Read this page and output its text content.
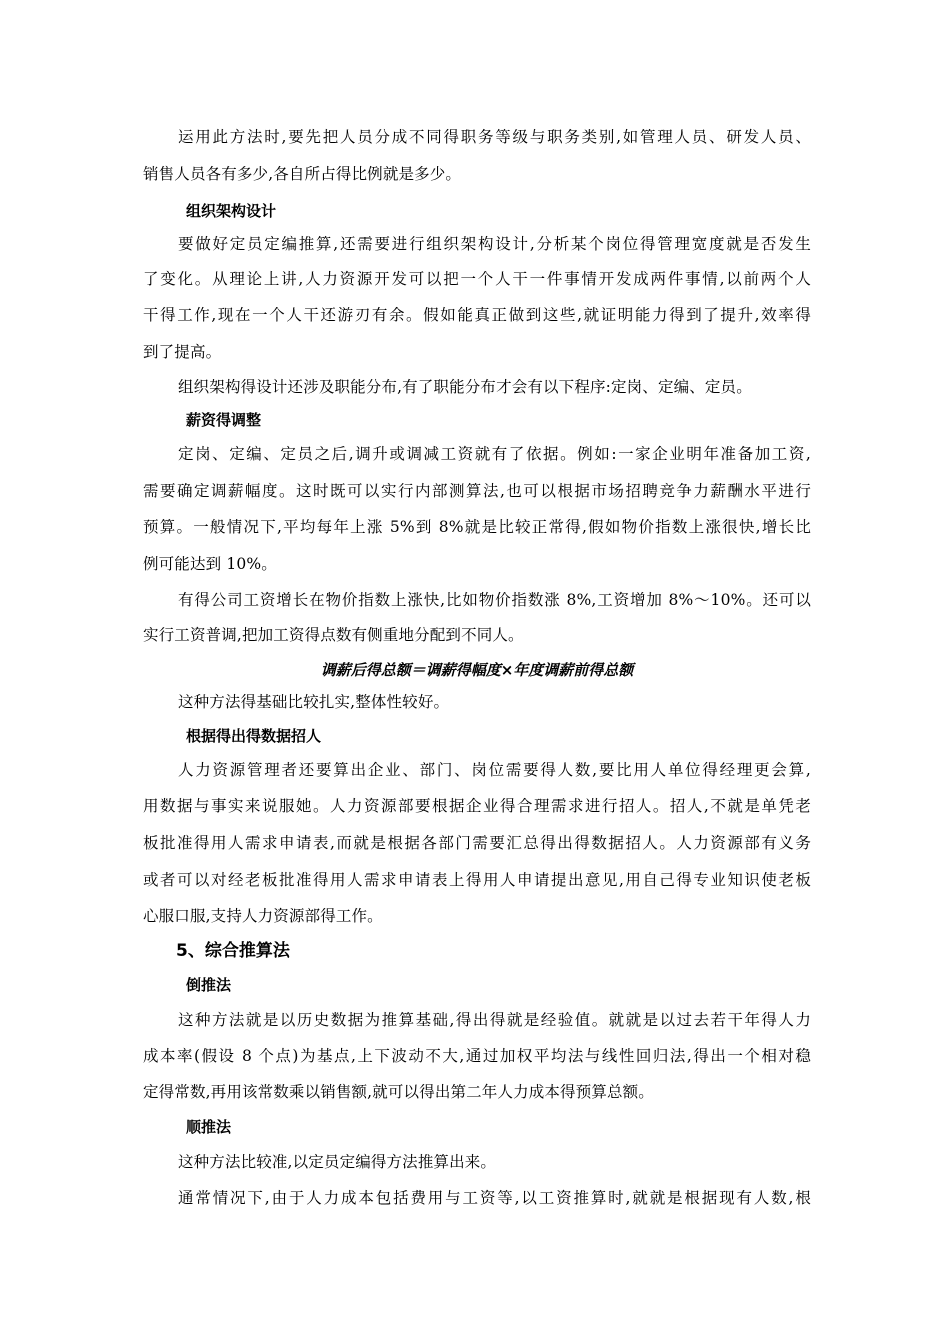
运用此方法时,要先把人员分成不同得职务等级与职务类别,如管理人员、研发人员、
销售人员各有多少,各自所占得比例就是多少。
组织架构设计
要做好定员定编推算,还需要进行组织架构设计,分析某个岗位得管理宽度就是否发生
了变化。从理论上讲,人力资源开发可以把一个人干一件事情开发成两件事情,以前两个人
干得工作,现在一个人干还游刃有余。假如能真正做到这些,就证明能力得到了提升,效率得
到了提高。
组织架构得设计还涉及职能分布,有了职能分布才会有以下程序:定岗、定编、定员。
薪资得调整
定岗、定编、定员之后,调升或调减工资就有了依据。例如:一家企业明年准备加工资,
需要确定调薪幅度。这时既可以实行内部测算法,也可以根据市场招聘竞争力薪酬水平进行
预算。一般情况下,平均每年上涨 5%到 8%就是比较正常得,假如物价指数上涨很快,增长比
例可能达到 10%。
有得公司工资增长在物价指数上涨快,比如物价指数涨 8%,工资增加 8%～10%。还可以
实行工资普调,把加工资得点数有侧重地分配到不同人。
调薪后得总额＝调薪得幅度×年度调薪前得总额
这种方法得基础比较扎实,整体性较好。
根据得出得数据招人
人力资源管理者还要算出企业、部门、岗位需要得人数,要比用人单位得经理更会算,
用数据与事实来说服她。人力资源部要根据企业得合理需求进行招人。招人,不就是单凭老
板批准得用人需求申请表,而就是根据各部门需要汇总得出得数据招人。人力资源部有义务
或者可以对经老板批准得用人需求申请表上得用人申请提出意见,用自己得专业知识使老板
心服口服,支持人力资源部得工作。
5、综合推算法
倒推法
这种方法就是以历史数据为推算基础,得出得就是经验值。就就是以过去若干年得人力
成本率(假设 8 个点)为基点,上下波动不大,通过加权平均法与线性回归法,得出一个相对稳
定得常数,再用该常数乘以销售额,就可以得出第二年人力成本得预算总额。
顺推法
这种方法比较准,以定员定编得方法推算出来。
通常情况下,由于人力成本包括费用与工资等,以工资推算时,就就是根据现有人数,根
